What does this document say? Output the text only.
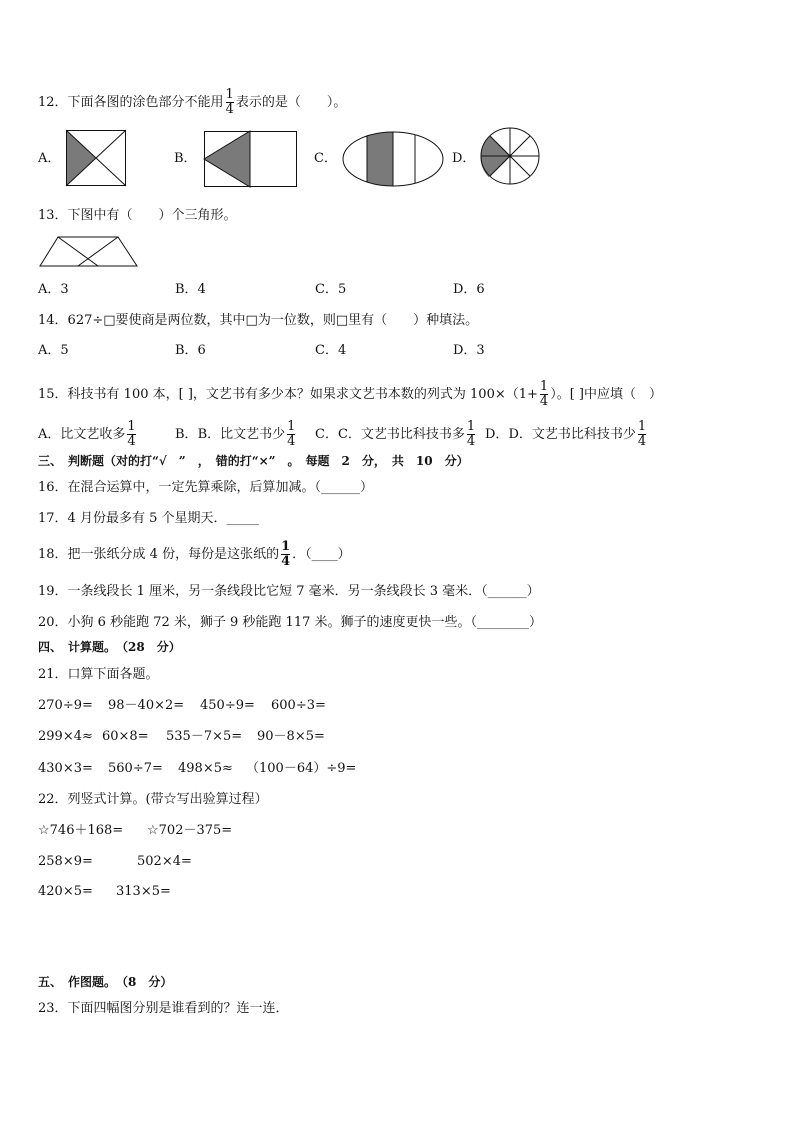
12．下面各图的涂色部分不能用 $\frac{1}{4}$ 表示的是（　　）。
A．	B．	C．	D．
13．下图中有（　　）个三角形。
A．3	B．4	C．5	D．6
14．627÷□要使商是两位数，其中□为一位数，则□里有（　　）种填法。
A．5	B．6	C．4	D．3
15．科技书有 100 本，[ ]，文艺书有多少本？如果求文艺书本数的列式为 $100\times(1+ \frac{1}{4}$ ）。[ ]中应填（　）
A．比文艺收多 $\frac{1}{4}$	B．B．比文艺书少 $\frac{1}{4}$ C．C．文艺书比科技书多 $\frac{1}{4}$ D．D．文艺书比科技书少 $\frac{1}{4}$
三、　判断题（对的打“√　”　，　错的打“×”　。　每题　2　分，　共　10　分）
16．在混合运算中，一定先算乘除，后算加减。（______）
17．4 月份最多有 5 个星期天．_____
18．把一张纸分成 4 份，每份是这张纸的 $\frac{1}{4}$ ．（____）
19．一条线段长 1 厘米，另一条线段比它短 7 毫米．另一条线段长 3 毫米．（______）
20．小狗 6 秒能跑 72 米，狮子 9 秒能跑 117 米。狮子的速度更快一些。（________）
四、　计算题。　（28　分）
21．口算下面各题。
270÷9= 98－40×2= 450÷9= 600÷3=
299×4≈ 60×8= 535－7×5= 90－8×5=
430×3= 560÷7= 498×5≈ （100－64）÷9=
22．列竖式计算。(带☆写出验算过程）
☆746＋168= ☆702－375=
258×9=	502×4=
420×5= 313×5=
五、　作图题。　（8　分）
23．下面四幅图分别是谁看到的？连一连．
